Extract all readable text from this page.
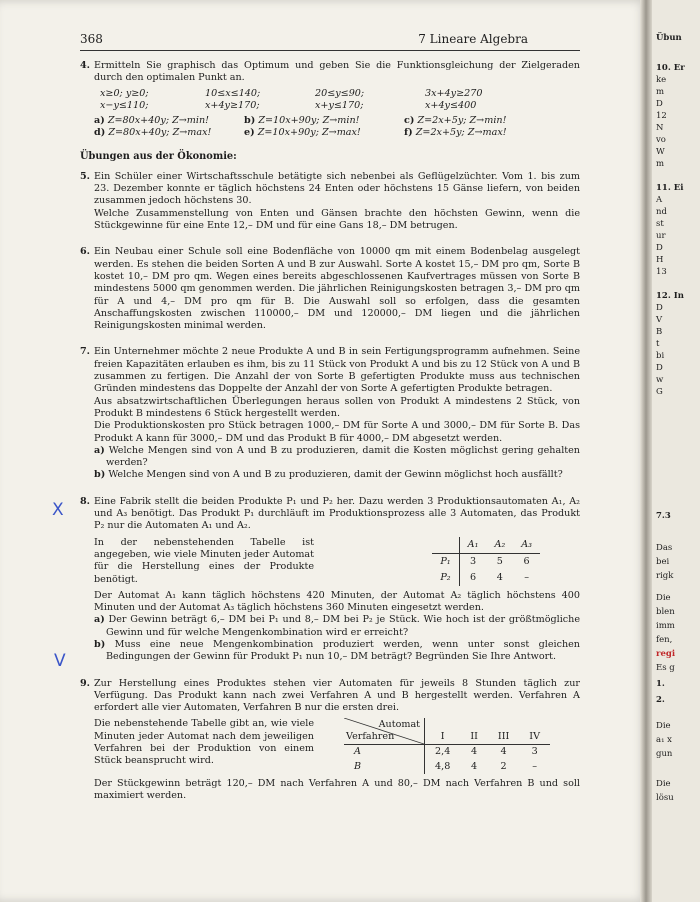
368	7 Lineare Algebra
4. Ermitteln Sie graphisch das Optimum und geben Sie die Funktionsgleichung der Zielgeraden durch den optimalen Punkt an.

x≥0; y≥0;	10≤x≤140;	20≤y≤90;	3x+4y≥270
x−y≤110;	x+4y≥170;	x+y≤170;	x+4y≤400
a) Z=80x+40y; Z→min!	b) Z=10x+90y; Z→min!	c) Z=2x+5y; Z→min!
d) Z=80x+40y; Z→max!	e) Z=10x+90y; Z→max!	f) Z=2x+5y; Z→max!
Übungen aus der Ökonomie:
5. Ein Schüler einer Wirtschaftsschule betätigte sich nebenbei als Geflügelzüchter. Vom 1. bis zum 23. Dezember konnte er täglich höchstens 24 Enten oder höchstens 15 Gänse liefern, von beiden zusammen jedoch höchstens 30.

Welche Zusammenstellung von Enten und Gänsen brachte den höchsten Gewinn, wenn die Stückgewinne für eine Ente 12,– DM und für eine Gans 18,– DM betrugen.

6. Ein Neubau einer Schule soll eine Bodenfläche von 10000 qm mit einem Bodenbelag ausgelegt werden. Es stehen die beiden Sorten A und B zur Auswahl. Sorte A kostet 15,– DM pro qm, Sorte B kostet 10,– DM pro qm. Wegen eines bereits abgeschlossenen Kaufvertrages müssen von Sorte B mindestens 5000 qm genommen werden. Die jährlichen Reinigungskosten betragen 3,– DM pro qm für A und 4,– DM pro qm für B. Die Auswahl soll so erfolgen, dass die gesamten Anschaffungskosten zwischen 110000,– DM und 120000,– DM liegen und die jährlichen Reinigungskosten minimal werden.

7. Ein Unternehmer möchte 2 neue Produkte A und B in sein Fertigungsprogramm aufnehmen. Seine freien Kapazitäten erlauben es ihm, bis zu 11 Stück von Produkt A und bis zu 12 Stück von A und B zusammen zu fertigen. Die Anzahl der von Sorte B gefertigten Produkte muss aus technischen Gründen mindestens das Doppelte der Anzahl der von Sorte A gefertigten Produkte betragen.

Aus absatzwirtschaftlichen Überlegungen heraus sollen von Produkt A mindestens 2 Stück, von Produkt B mindestens 6 Stück hergestellt werden.

Die Produktionskosten pro Stück betragen 1000,– DM für Sorte A und 3000,– DM für Sorte B. Das Produkt A kann für 3000,– DM und das Produkt B für 4000,– DM abgesetzt werden.

a) Welche Mengen sind von A und B zu produzieren, damit die Kosten möglichst gering gehalten werden?

b) Welche Mengen sind von A und B zu produzieren, damit der Gewinn möglichst hoch ausfällt?

8. Eine Fabrik stellt die beiden Produkte P₁ und P₂ her. Dazu werden 3 Produktionsautomaten A₁, A₂ und A₃ benötigt. Das Produkt P₁ durchläuft im Produktionsprozess alle 3 Automaten, das Produkt P₂ nur die Automaten A₁ und A₂.

In der nebenstehenden Tabelle ist angegeben, wie viele Minuten jeder Automat für die Herstellung eines der Produkte benötigt.

	A₁	A₂	A₃
P₁	3	5	6
P₂	6	4	–

Der Automat A₁ kann täglich höchstens 420 Minuten, der Automat A₂ täglich höchstens 400 Minuten und der Automat A₃ täglich höchstens 360 Minuten eingesetzt werden.

a) Der Gewinn beträgt 6,– DM bei P₁ und 8,– DM bei P₂ je Stück. Wie hoch ist der größtmögliche Gewinn und für welche Mengenkombination wird er erreicht?

b) Muss eine neue Mengenkombination produziert werden, wenn unter sonst gleichen Bedingungen der Gewinn für Produkt P₁ nun 10,– DM beträgt? Begründen Sie Ihre Antwort.

9. Zur Herstellung eines Produktes stehen vier Automaten für jeweils 8 Stunden täglich zur Verfügung. Das Produkt kann nach zwei Verfahren A und B hergestellt werden. Verfahren A erfordert alle vier Automaten, Verfahren B nur die ersten drei.

Die nebenstehende Tabelle gibt an, wie viele Minuten jeder Automat nach dem jeweiligen Verfahren bei der Produktion von einem Stück beansprucht wird.

Automat
Verfahren	I	II	III	IV
A	2,4	4	4	3
B	4,8	4	2	–

Der Stückgewinn beträgt 120,– DM nach Verfahren A und 80,– DM nach Verfahren B und soll maximiert werden.

ꓫ
V
Übun
10. Er
ke
m
D
12
N
vo
W
m
11. Ei
A
nd
st
ur
D
H
13
12. In
D
V
B
t
bi
D
w
G
7.3
Das
bei
rigk
Die
blen
imm
fen,
regi
Es g
1.
2.
Die
a₁ x
gun
Die
lösu
